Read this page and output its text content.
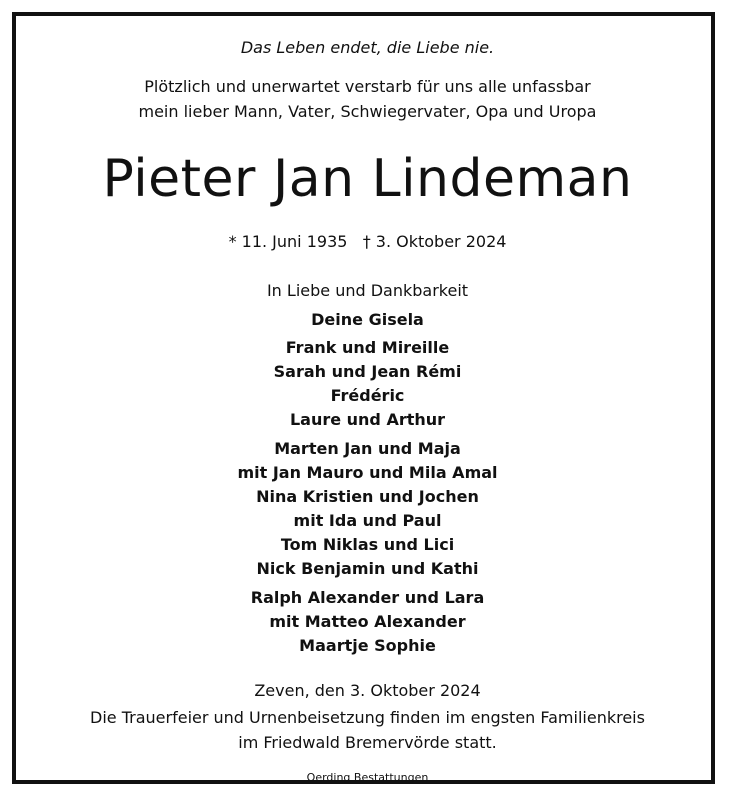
Das Leben endet, die Liebe nie.
Plötzlich und unerwartet verstarb für uns alle unfassbar
mein lieber Mann, Vater, Schwiegervater, Opa und Uropa
Pieter Jan Lindeman
* 11. Juni 1935   † 3. Oktober 2024
In Liebe und Dankbarkeit
Deine Gisela
Frank und Mireille
Sarah und Jean Rémi
Frédéric
Laure und Arthur
Marten Jan und Maja
mit Jan Mauro und Mila Amal
Nina Kristien und Jochen
mit Ida und Paul
Tom Niklas und Lici
Nick Benjamin und Kathi
Ralph Alexander und Lara
mit Matteo Alexander
Maartje Sophie
Zeven, den 3. Oktober 2024
Die Trauerfeier und Urnenbeisetzung finden im engsten Familienkreis
im Friedwald Bremervörde statt.
Oerding Bestattungen
